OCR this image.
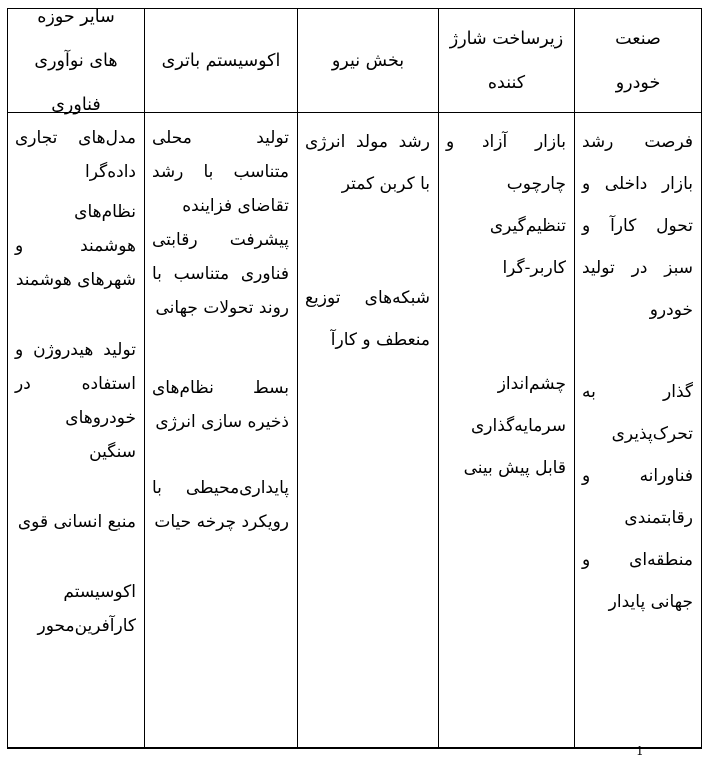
صنعت
خودرو

فرصت رشد بازار داخلی و تحول کارآ و سبز در تولید خودرو

گذار به تحرک‌پذیری فناورانه و رقابتمندی منطقه‌ای و جهانی پایدار

زیرساخت شارژ
کننده

بازار آزاد و چارچوب تنظیم‌گیری کاربر-گرا

چشم‌انداز سرمایه‌گذاری قابل پیش بینی

بخش نیرو

رشد مولد انرژی با کربن کمتر

شبکه‌های توزیع منعطف و کارآ

اکوسیستم باتری

تولید محلی متناسب با رشد تقاضای فزاینده

پیشرفت رقابتی فناوری متناسب با روند تحولات جهانی

بسط نظام‌های ذخیره سازی انرژی

پایداری‌محیطی با رویکرد چرخه حیات

سایر حوزه
های نوآوری
فناوری

مدل‌های تجاری داده‌گرا

نظام‌های هوشمند و شهرهای هوشمند

تولید هیدروژن و استفاده در خودروهای سنگین

منبع انسانی قوی

اکوسیستم کارآفرین‌محور

1
